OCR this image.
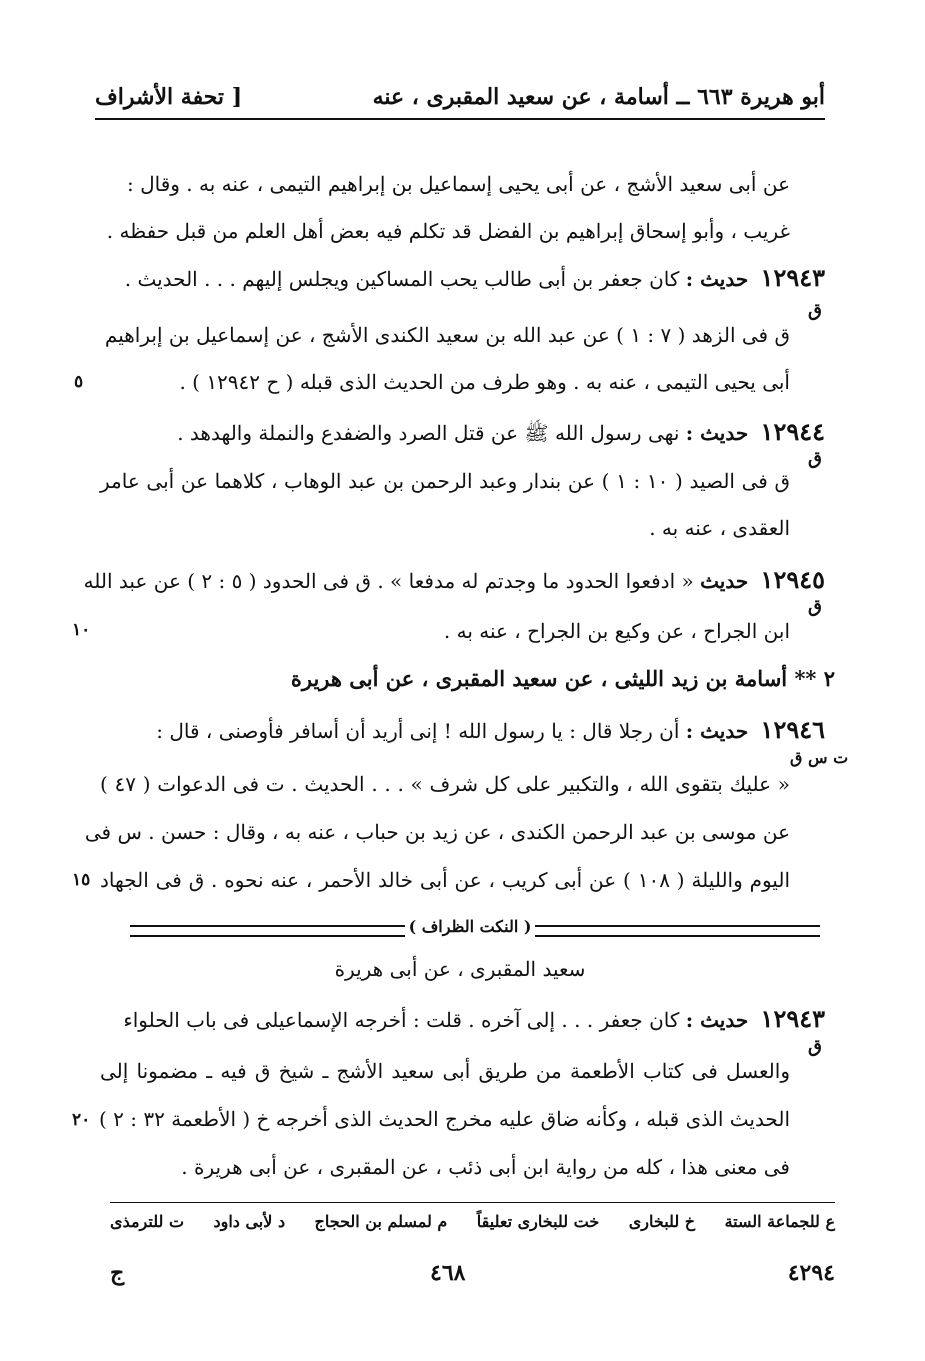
أبو هريرة ٦٦٣ ــ أسامة ، عن سعيد المقبرى ، عنه
[ تحفة الأشراف
عن أبى سعيد الأشج ، عن أبى يحيى إسماعيل بن إبراهيم التيمى ، عنه به . وقال :
غريب ، وأبو إسحاق إبراهيم بن الفضل قد تكلم فيه بعض أهل العلم من قبل حفظه .
١٢٩٤٣ حديث : كان جعفر بن أبى طالب يحب المساكين ويجلس إليهم . . . الحديث .
ق
ق فى الزهد ( ٧ : ١ ) عن عبد الله بن سعيد الكندى الأشج ، عن إسماعيل بن إبراهيم
أبى يحيى التيمى ، عنه به . وهو طرف من الحديث الذى قبله ( ح ١٢٩٤٢ ) .
٥
١٢٩٤٤ حديث : نهى رسول الله ﷺ عن قتل الصرد والضفدع والنملة والهدهد .
ق
ق فى الصيد ( ١٠ : ١ ) عن بندار وعبد الرحمن بن عبد الوهاب ، كلاهما عن أبى عامر
العقدى ، عنه به .
١٢٩٤٥ حديث « ادفعوا الحدود ما وجدتم له مدفعا » . ق فى الحدود ( ٥ : ٢ ) عن عبد الله
ق
ابن الجراح ، عن وكيع بن الجراح ، عنه به .
١٠
٢ ** أسامة بن زيد الليثى ، عن سعيد المقبرى ، عن أبى هريرة
١٢٩٤٦ حديث : أن رجلا قال : يا رسول الله ! إنى أريد أن أسافر فأوصنى ، قال :
ت س ق
« عليك بتقوى الله ، والتكبير على كل شرف » . . . الحديث . ت فى الدعوات ( ٤٧ )
عن موسى بن عبد الرحمن الكندى ، عن زيد بن حباب ، عنه به ، وقال : حسن . س فى
اليوم والليلة ( ١٠٨ ) عن أبى كريب ، عن أبى خالد الأحمر ، عنه نحوه . ق فى الجهاد
١٥
( النكت الظراف )
سعيد المقبرى ، عن أبى هريرة
١٢٩٤٣ حديث : كان جعفر . . . إلى آخره . قلت : أخرجه الإسماعيلى فى باب الحلواء
ق
والعسل فى كتاب الأطعمة من طريق أبى سعيد الأشج ـ شيخ ق فيه ـ مضمونا إلى
الحديث الذى قبله ، وكأنه ضاق عليه مخرج الحديث الذى أخرجه خ ( الأطعمة ٣٢ : ٢ )
٢٠
فى معنى هذا ، كله من رواية ابن أبى ذئب ، عن المقبرى ، عن أبى هريرة .
ع للجماعة الستة
خ للبخارى
خت للبخارى تعليقاً
م لمسلم بن الحجاج
د لأبى داود
ت للترمذى
٤٢٩٤
٤٦٨
ج
